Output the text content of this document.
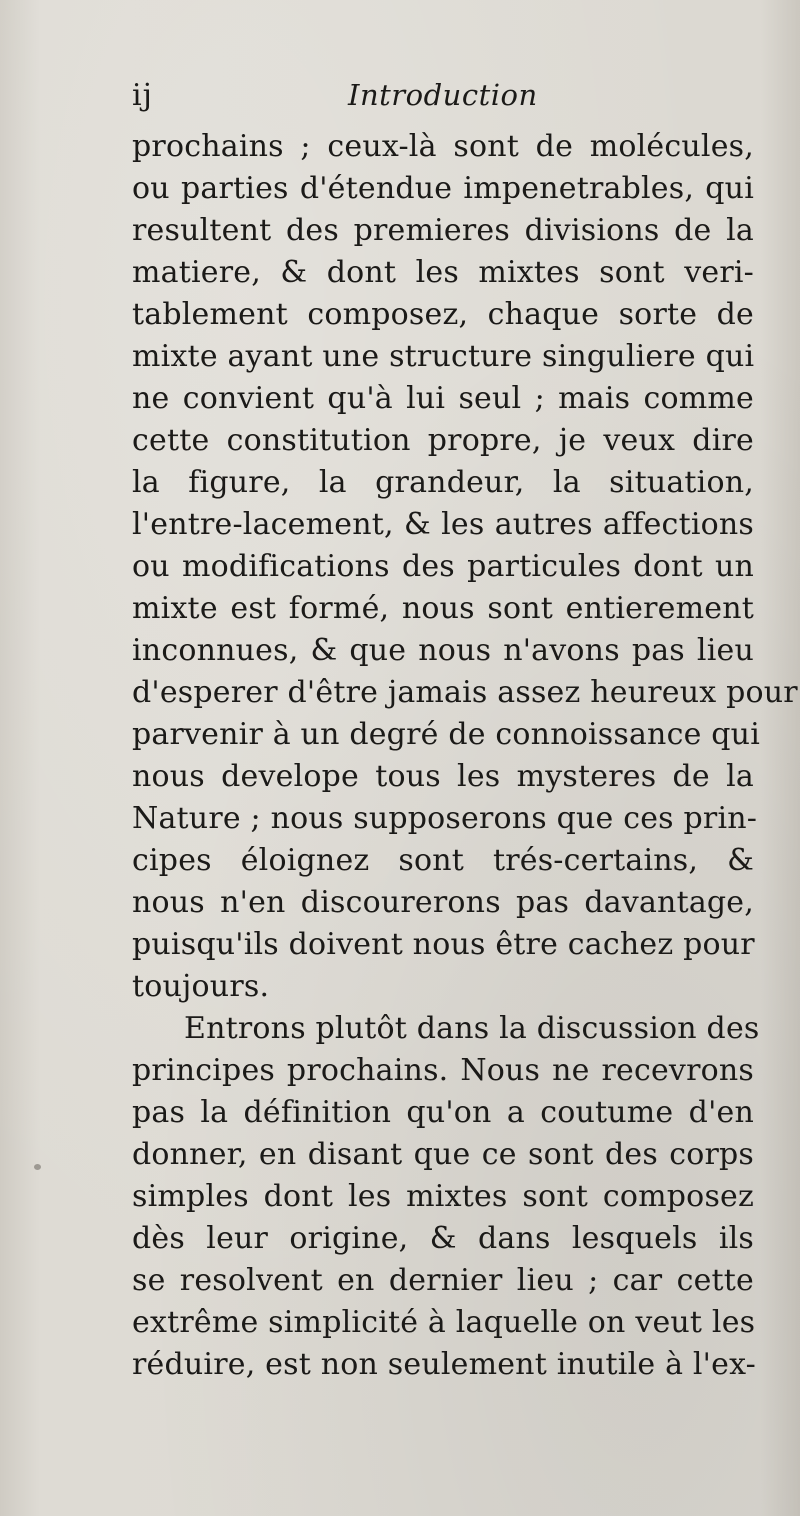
ij	Introduction
prochains ; ceux-là sont de molécules,
ou parties d'étendue impenetrables, qui
resultent des premieres divisions de la
matiere, & dont les mixtes sont veri-
tablement composez, chaque sorte de
mixte ayant une structure singuliere qui
ne convient qu'à lui seul ; mais comme
cette constitution propre, je veux dire
la figure, la grandeur, la situation,
l'entre-lacement, & les autres affections
ou modifications des particules dont un
mixte est formé, nous sont entierement
inconnues, & que nous n'avons pas lieu
d'esperer d'être jamais assez heureux pour
parvenir à un degré de connoissance qui
nous develope tous les mysteres de la
Nature ; nous supposerons que ces prin-
cipes éloignez sont trés-certains, &
nous n'en discourerons pas davantage,
puisqu'ils doivent nous être cachez pour
toujours.
Entrons plutôt dans la discussion des
principes prochains. Nous ne recevrons
pas la définition qu'on a coutume d'en
donner, en disant que ce sont des corps
simples dont les mixtes sont composez
dès leur origine, & dans lesquels ils
se resolvent en dernier lieu ; car cette
extrême simplicité à laquelle on veut les
réduire, est non seulement inutile à l'ex-
